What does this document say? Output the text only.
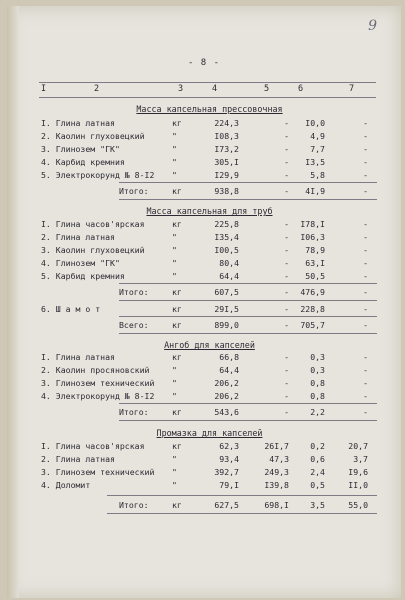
9
- 8 -
I	2	3	4	5	6	7
Масса капсельная прессовочная
I. Глина латная	кг	224,3	-	I0,0	-
2. Каолин глуховецкий	"	I08,3	-	4,9	-
3. Глинозем "ГК"	"	I73,2	-	7,7	-
4. Карбид кремния	"	305,I	-	I3,5	-
5. Электрокорунд № 8-I2 "	I29,9	-	5,8	-
Итого:	кг	938,8	-	4I,9	-
Масса капсельная для труб
I. Глина часов'ярская	кг	225,8	-	I78,I	-
2. Глина латная	"	I35,4	-	I06,3	-
3. Каолин глуховецкий	"	I00,5	-	78,9	-
4. Глинозем "ГК"	"	80,4	-	63,I	-
5. Карбид кремния	"	64,4	-	50,5	-
Итого:	кг	607,5	-	476,9	-
6. Ш а м о т	кг	29I,5	-	228,8	-
Всего:	кг	899,0	-	705,7	-
Ангоб для капселей
I. Глина латная	кг	66,8	-	0,3	-
2. Каолин просяновский	"	64,4	-	0,3	-
3. Глинозем технический "	206,2	-	0,8	-
4. Электрокорунд № 8-I2 "	206,2	-	0,8	-
Итого:	кг	543,6	-	2,2	-
Промазка для капселей
I. Глина часов'ярская	кг	62,3	26I,7	0,2	20,7
2. Глина латная	"	93,4	47,3	0,6	3,7
3. Глинозем технический "	392,7	249,3	2,4	I9,6
4. Доломит	"	79,I	I39,8	0,5	II,0
Итого:	кг	627,5	698,I	3,5	55,0
